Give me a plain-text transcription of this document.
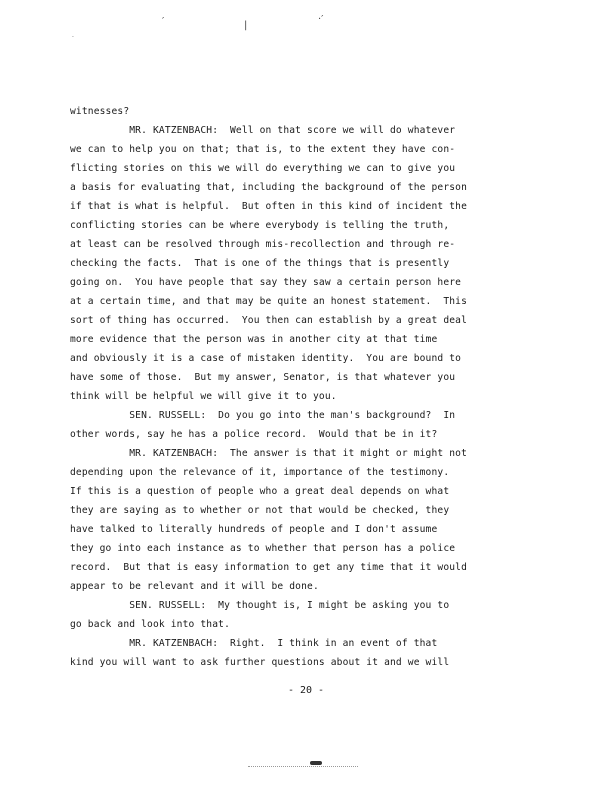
′	|
·′
·
witnesses?
MR. KATZENBACH:  Well on that score we will do whatever
we can to help you on that; that is, to the extent they have con-
flicting stories on this we will do everything we can to give you
a basis for evaluating that, including the background of the person
if that is what is helpful.  But often in this kind of incident the
conflicting stories can be where everybody is telling the truth,
at least can be resolved through mis-recollection and through re-
checking the facts.  That is one of the things that is presently
going on.  You have people that say they saw a certain person here
at a certain time, and that may be quite an honest statement.  This
sort of thing has occurred.  You then can establish by a great deal
more evidence that the person was in another city at that time
and obviously it is a case of mistaken identity.  You are bound to
have some of those.  But my answer, Senator, is that whatever you
think will be helpful we will give it to you.
SEN. RUSSELL:  Do you go into the man's background?  In
other words, say he has a police record.  Would that be in it?
MR. KATZENBACH:  The answer is that it might or might not
depending upon the relevance of it, importance of the testimony.
If this is a question of people who a great deal depends on what
they are saying as to whether or not that would be checked, they
have talked to literally hundreds of people and I don't assume
they go into each instance as to whether that person has a police
record.  But that is easy information to get any time that it would
appear to be relevant and it will be done.
SEN. RUSSELL:  My thought is, I might be asking you to
go back and look into that.
MR. KATZENBACH:  Right.  I think in an event of that
kind you will want to ask further questions about it and we will
- 20 -
